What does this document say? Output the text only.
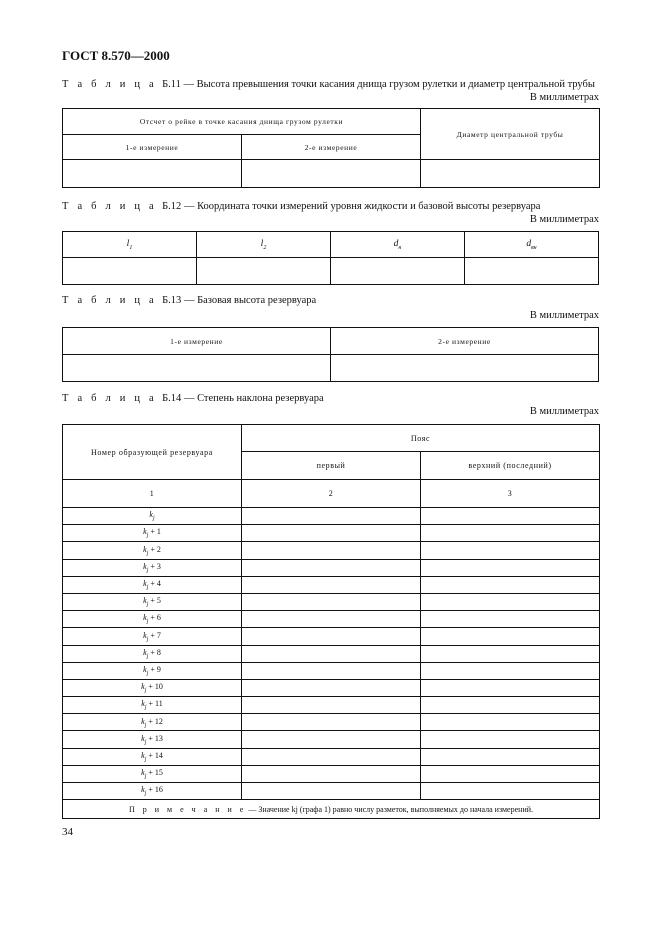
ГОСТ 8.570—2000
Т а б л и ц а Б.11 — Высота превышения точки касания днища грузом рулетки и диаметр центральной трубы
В миллиметрах
Отсчет о рейке в точке касания днища грузом рулетки		Диаметр центральной трубы
1-е измерение	2-е измерение	

Т а б л и ц а Б.12 — Координата точки измерений уровня жидкости и базовой высоты резервуара
В миллиметрах
$l_1$	$l_2$	$d_н$	$d_{вн}$

Т а б л и ц а Б.13 — Базовая высота резервуара
В миллиметрах
1-е измерение	2-е измерение

Т а б л и ц а Б.14 — Степень наклона резервуара
В миллиметрах
Номер образующей резервуара	Пояс	
	первый	верхний (последний)
1	2	3
$k_j$		
$k_j + 1$		
$k_j + 2$		
$k_j + 3$		
$k_j + 4$		
$k_j + 5$		
$k_j + 6$		
$k_j + 7$		
$k_j + 8$		
$k_j + 9$		
$k_j + 10$		
$k_j + 11$		
$k_j + 12$		
$k_j + 13$		
$k_j + 14$		
$k_j + 15$		
$k_j + 16$		
П р и м е ч а н и е — Значение kj (графа 1) равно числу разметок, выполняемых до начала измерений.		
34
